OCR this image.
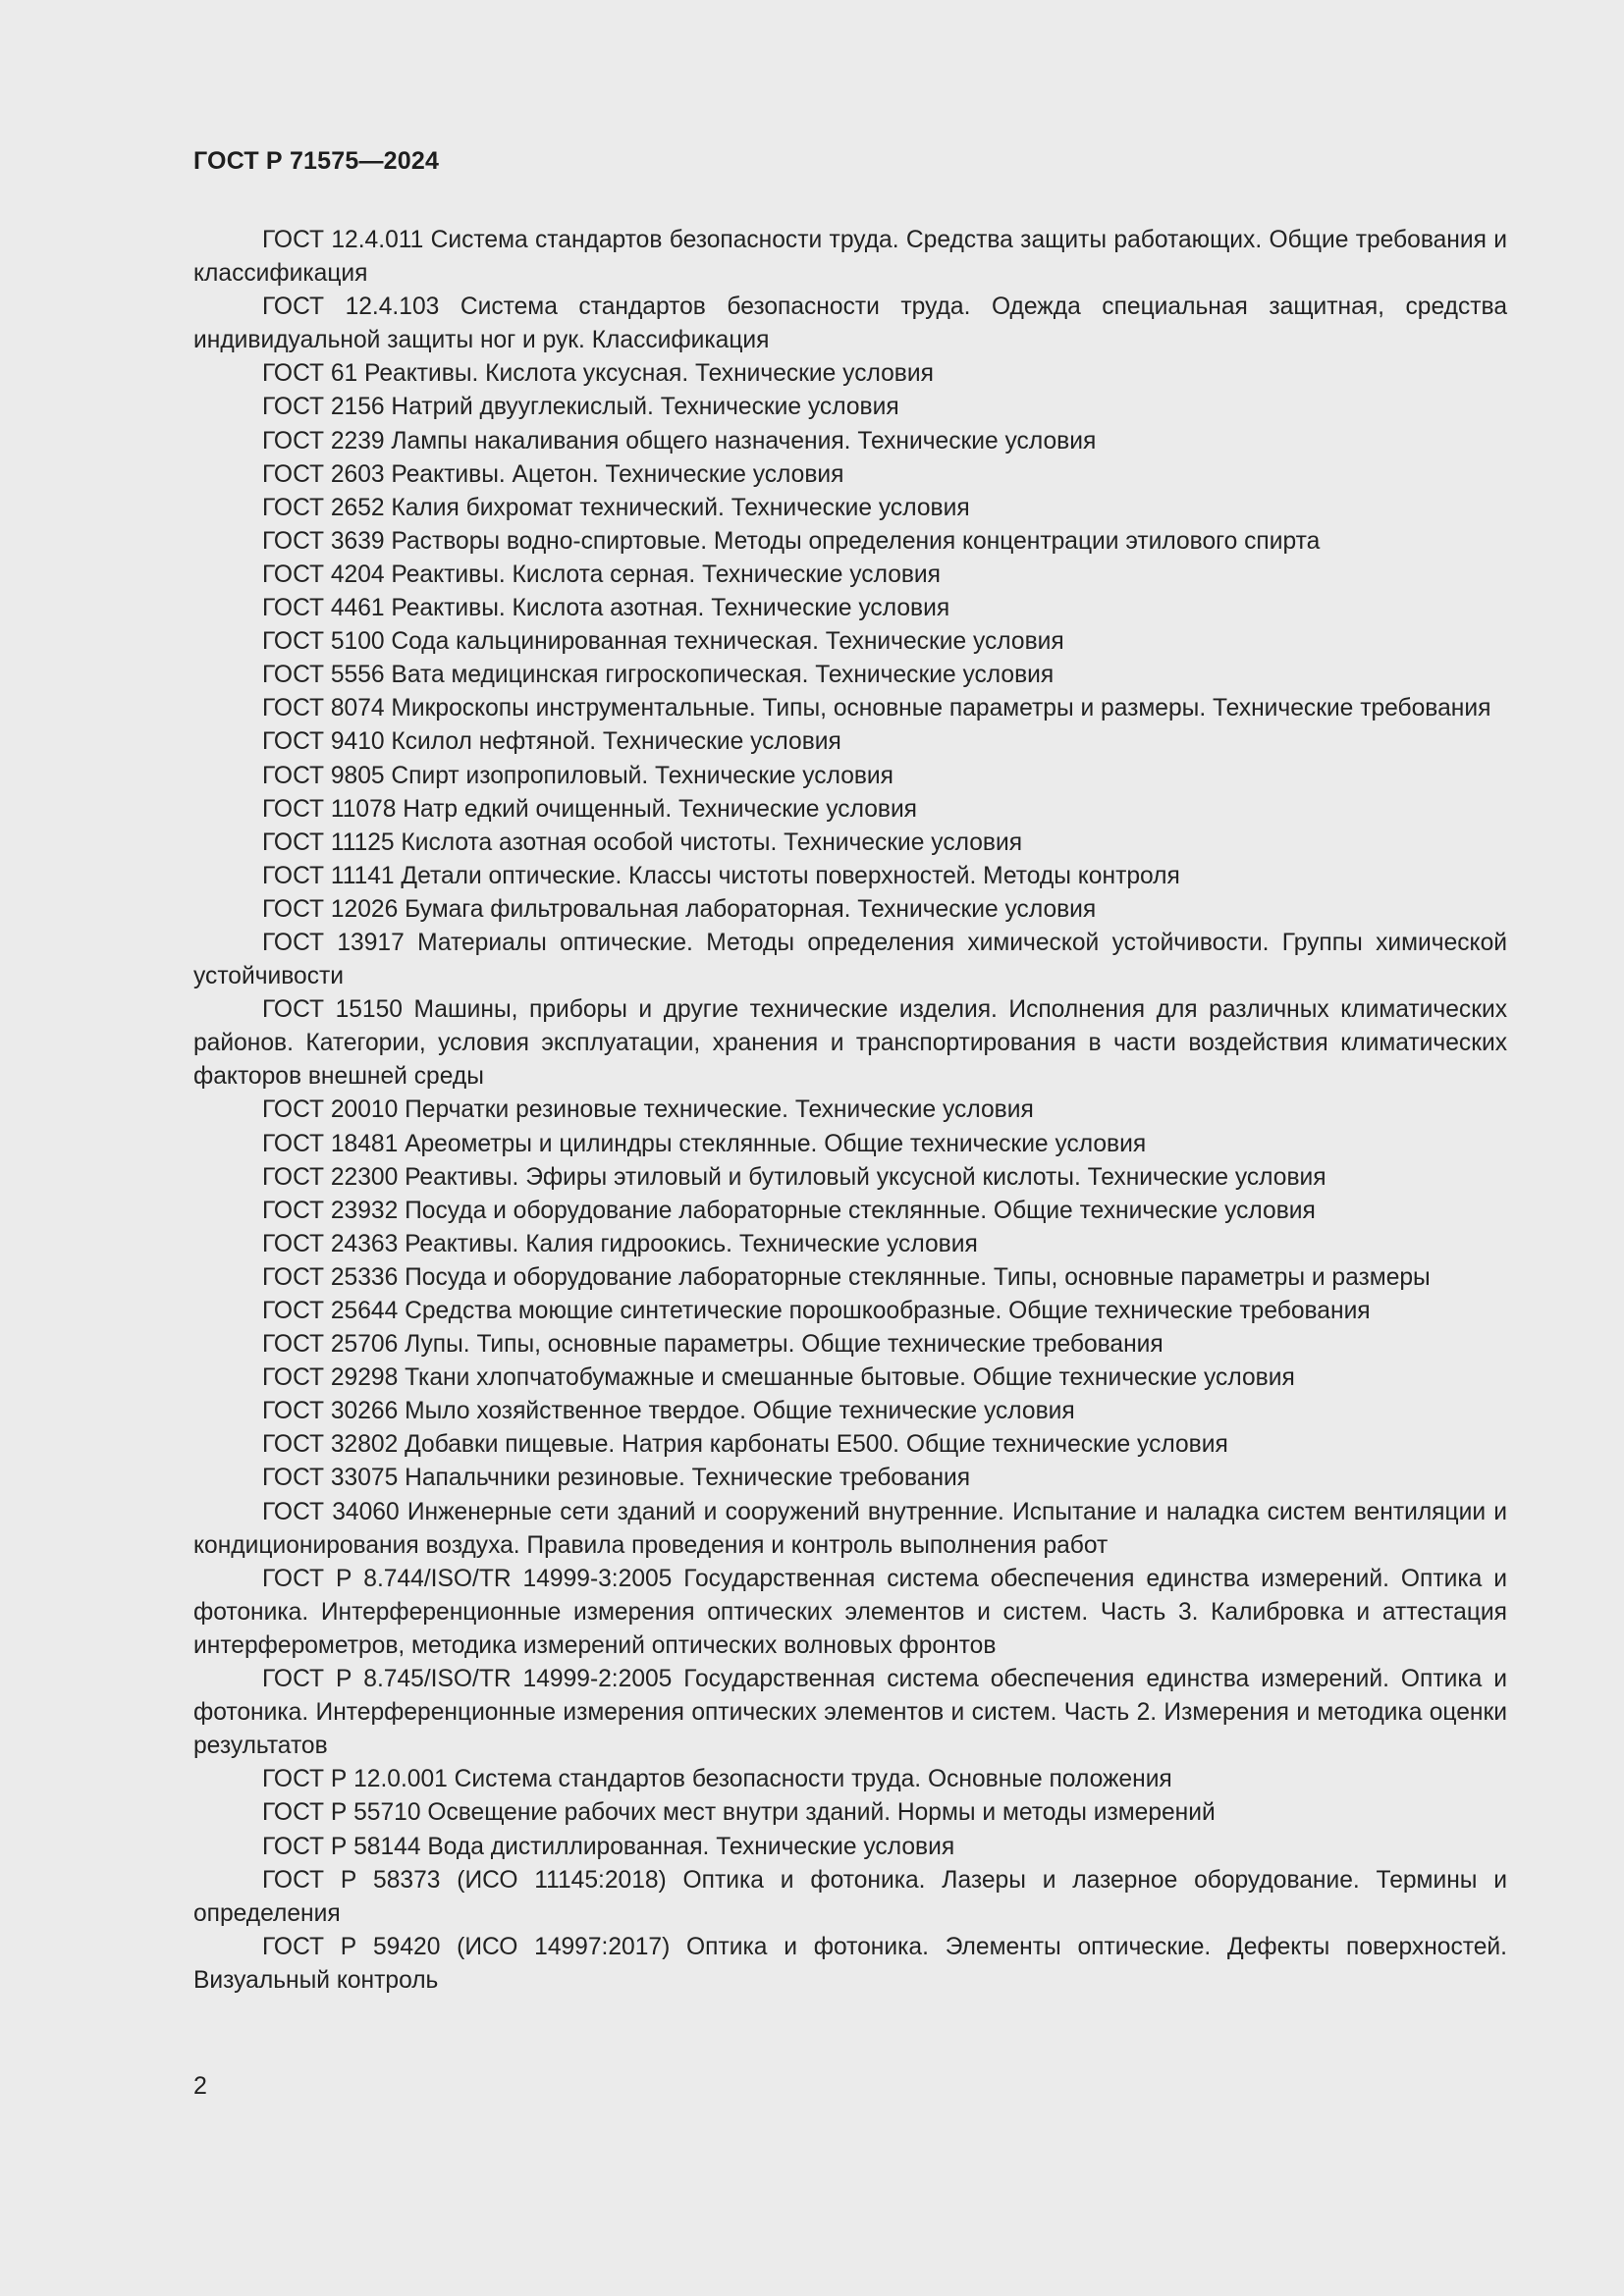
ГОСТ Р 71575—2024

ГОСТ 12.4.011 Система стандартов безопасности труда. Средства защиты работающих. Общие требования и классификация

ГОСТ 12.4.103 Система стандартов безопасности труда. Одежда специальная защитная, средства индивидуальной защиты ног и рук. Классификация

ГОСТ 61 Реактивы. Кислота уксусная. Технические условия

ГОСТ 2156 Натрий двууглекислый. Технические условия

ГОСТ 2239 Лампы накаливания общего назначения. Технические условия

ГОСТ 2603 Реактивы. Ацетон. Технические условия

ГОСТ 2652 Калия бихромат технический. Технические условия

ГОСТ 3639 Растворы водно-спиртовые. Методы определения концентрации этилового спирта

ГОСТ 4204 Реактивы. Кислота серная. Технические условия

ГОСТ 4461 Реактивы. Кислота азотная. Технические условия

ГОСТ 5100 Сода кальцинированная техническая. Технические условия

ГОСТ 5556 Вата медицинская гигроскопическая. Технические условия

ГОСТ 8074 Микроскопы инструментальные. Типы, основные параметры и размеры. Технические требования

ГОСТ 9410 Ксилол нефтяной. Технические условия

ГОСТ 9805 Спирт изопропиловый. Технические условия

ГОСТ 11078 Натр едкий очищенный. Технические условия

ГОСТ 11125 Кислота азотная особой чистоты. Технические условия

ГОСТ 11141 Детали оптические. Классы чистоты поверхностей. Методы контроля

ГОСТ 12026 Бумага фильтровальная лабораторная. Технические условия

ГОСТ 13917 Материалы оптические. Методы определения химической устойчивости. Группы химической устойчивости

ГОСТ 15150 Машины, приборы и другие технические изделия. Исполнения для различных климатических районов. Категории, условия эксплуатации, хранения и транспортирования в части воздействия климатических факторов внешней среды

ГОСТ 20010 Перчатки резиновые технические. Технические условия

ГОСТ 18481 Ареометры и цилиндры стеклянные. Общие технические условия

ГОСТ 22300 Реактивы. Эфиры этиловый и бутиловый уксусной кислоты. Технические условия

ГОСТ 23932 Посуда и оборудование лабораторные стеклянные. Общие технические условия

ГОСТ 24363 Реактивы. Калия гидроокись. Технические условия

ГОСТ 25336 Посуда и оборудование лабораторные стеклянные. Типы, основные параметры и размеры

ГОСТ 25644 Средства моющие синтетические порошкообразные. Общие технические требования

ГОСТ 25706 Лупы. Типы, основные параметры. Общие технические требования

ГОСТ 29298 Ткани хлопчатобумажные и смешанные бытовые. Общие технические условия

ГОСТ 30266 Мыло хозяйственное твердое. Общие технические условия

ГОСТ 32802 Добавки пищевые. Натрия карбонаты Е500. Общие технические условия

ГОСТ 33075 Напальчники резиновые. Технические требования

ГОСТ 34060 Инженерные сети зданий и сооружений внутренние. Испытание и наладка систем вентиляции и кондиционирования воздуха. Правила проведения и контроль выполнения работ

ГОСТ Р 8.744/ISO/TR 14999-3:2005 Государственная система обеспечения единства измерений. Оптика и фотоника. Интерференционные измерения оптических элементов и систем. Часть 3. Калибровка и аттестация интерферометров, методика измерений оптических волновых фронтов

ГОСТ Р 8.745/ISO/TR 14999-2:2005 Государственная система обеспечения единства измерений. Оптика и фотоника. Интерференционные измерения оптических элементов и систем. Часть 2. Измерения и методика оценки результатов

ГОСТ Р 12.0.001 Система стандартов безопасности труда. Основные положения

ГОСТ Р 55710 Освещение рабочих мест внутри зданий. Нормы и методы измерений

ГОСТ Р 58144 Вода дистиллированная. Технические условия

ГОСТ Р 58373 (ИСО 11145:2018) Оптика и фотоника. Лазеры и лазерное оборудование. Термины и определения

ГОСТ Р 59420 (ИСО 14997:2017) Оптика и фотоника. Элементы оптические. Дефекты поверхностей. Визуальный контроль

2
